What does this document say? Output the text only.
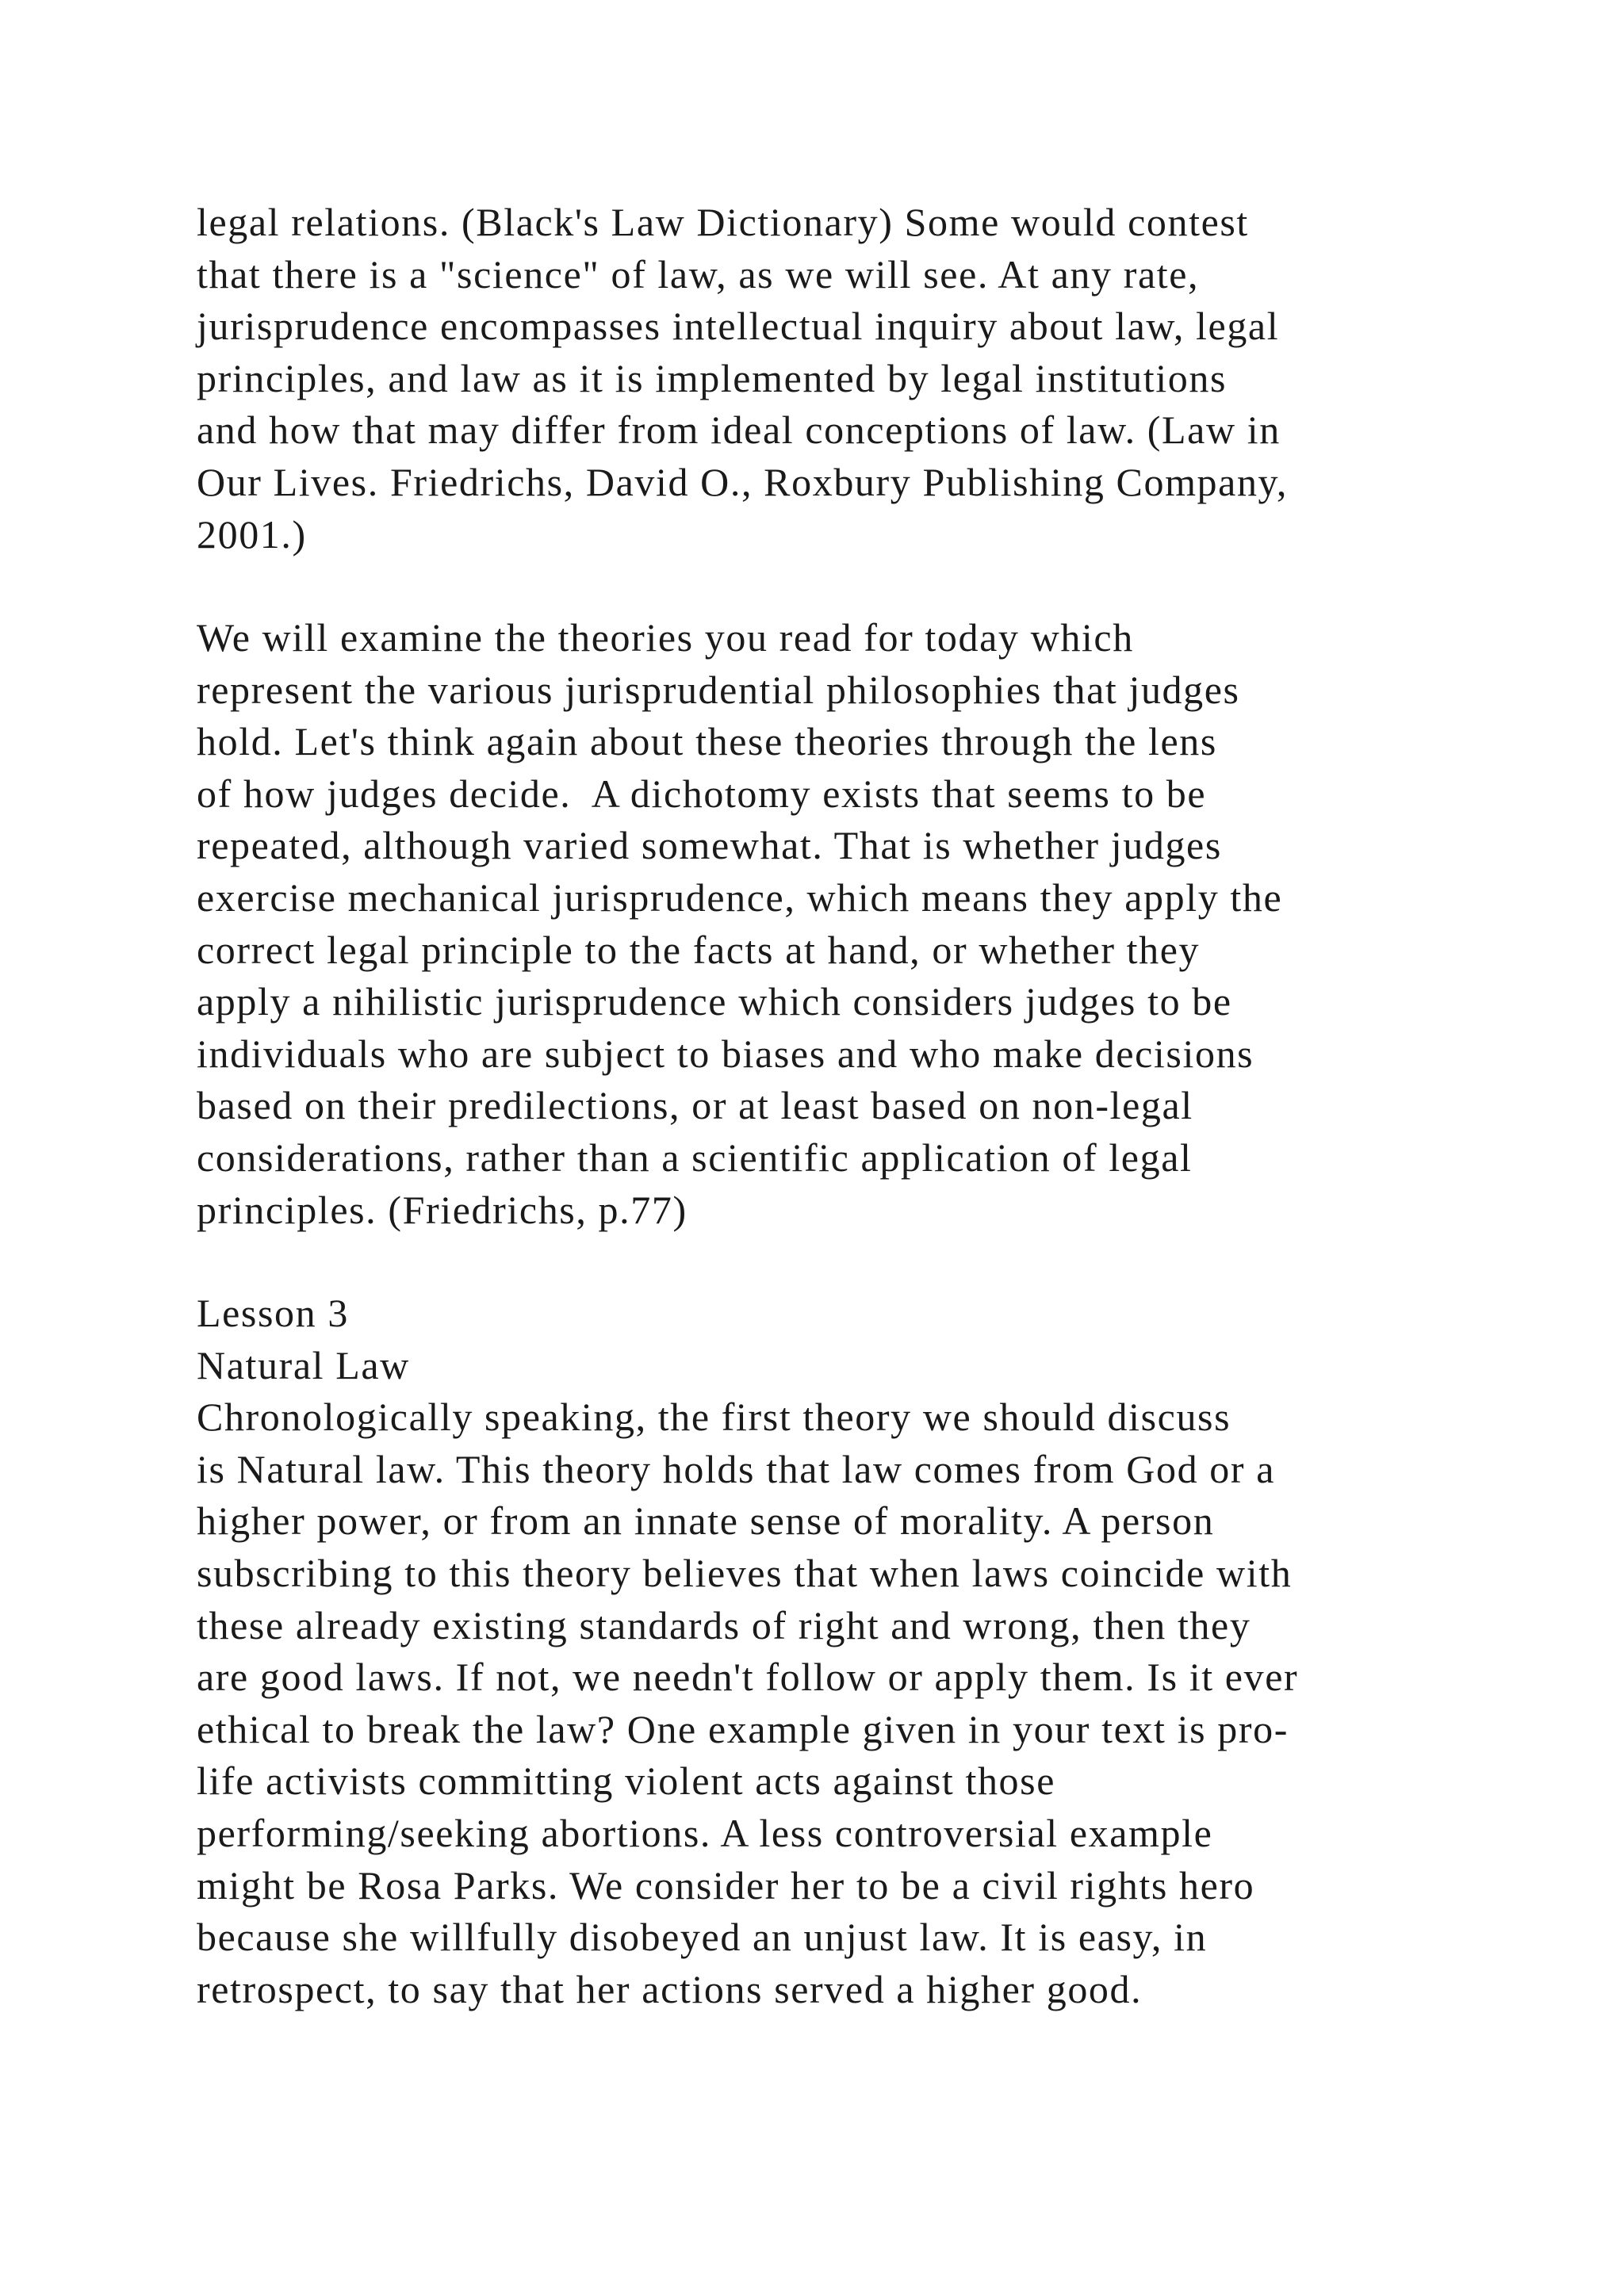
legal relations. (Black's Law Dictionary) Some would contest
that there is a "science" of law, as we will see. At any rate,
jurisprudence encompasses intellectual inquiry about law, legal
principles, and law as it is implemented by legal institutions
and how that may differ from ideal conceptions of law. (Law in
Our Lives. Friedrichs, David O., Roxbury Publishing Company,
2001.)
We will examine the theories you read for today which
represent the various jurisprudential philosophies that judges
hold. Let's think again about these theories through the lens
of how judges decide.  A dichotomy exists that seems to be
repeated, although varied somewhat. That is whether judges
exercise mechanical jurisprudence, which means they apply the
correct legal principle to the facts at hand, or whether they
apply a nihilistic jurisprudence which considers judges to be
individuals who are subject to biases and who make decisions
based on their predilections, or at least based on non-legal
considerations, rather than a scientific application of legal
principles. (Friedrichs, p.77)
Lesson 3
Natural Law
Chronologically speaking, the first theory we should discuss
is Natural law. This theory holds that law comes from God or a
higher power, or from an innate sense of morality. A person
subscribing to this theory believes that when laws coincide with
these already existing standards of right and wrong, then they
are good laws. If not, we needn't follow or apply them. Is it ever
ethical to break the law? One example given in your text is pro-
life activists committing violent acts against those
performing/seeking abortions. A less controversial example
might be Rosa Parks. We consider her to be a civil rights hero
because she willfully disobeyed an unjust law. It is easy, in
retrospect, to say that her actions served a higher good.
